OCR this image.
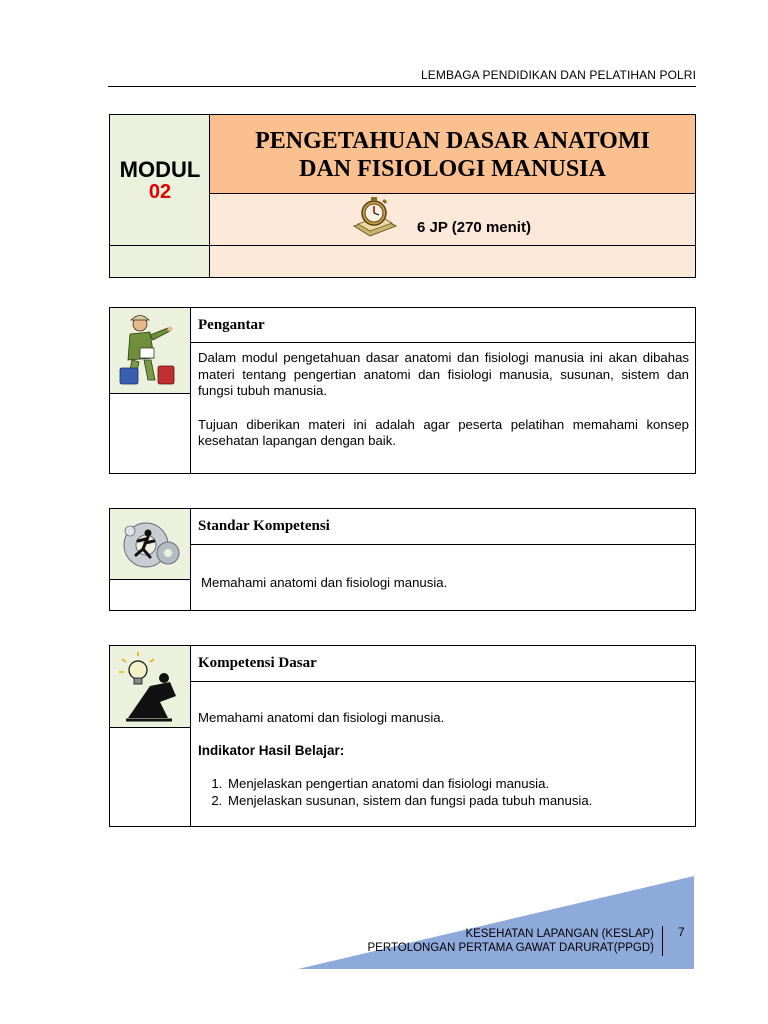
LEMBAGA PENDIDIKAN DAN PELATIHAN POLRI
MODUL
02
PENGETAHUAN DASAR ANATOMI
DAN FISIOLOGI MANUSIA
6 JP (270 menit)
Pengantar

Dalam modul pengetahuan dasar anatomi dan fisiologi manusia ini akan dibahas materi tentang pengertian anatomi dan fisiologi manusia, susunan, sistem dan fungsi tubuh manusia.

Tujuan diberikan materi ini adalah agar peserta pelatihan memahami konsep kesehatan lapangan dengan baik.

Standar Kompetensi
Memahami anatomi dan fisiologi manusia.
Kompetensi Dasar

Memahami anatomi dan fisiologi manusia.

Indikator Hasil Belajar:

1. Menjelaskan pengertian anatomi dan fisiologi manusia.
2. Menjelaskan susunan, sistem dan fungsi pada tubuh manusia.
KESEHATAN LAPANGAN (KESLAP)
PERTOLONGAN PERTAMA GAWAT DARURAT(PPGD)
7
